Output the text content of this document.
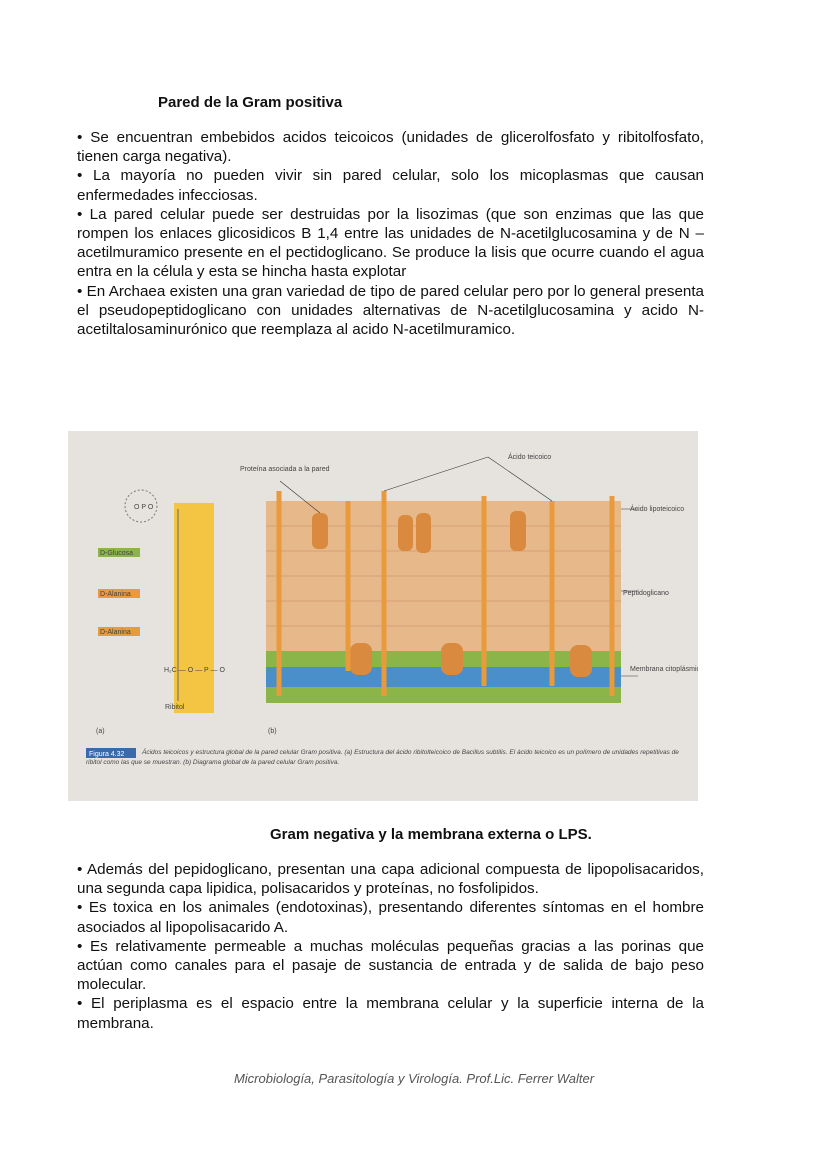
Pared de la Gram positiva

• Se encuentran embebidos acidos teicoicos (unidades de glicerolfosfato y ribitolfosfato, tienen carga negativa).

• La mayoría no pueden vivir sin pared celular, solo los micoplasmas que causan enfermedades infecciosas.

• La pared celular puede ser destruidas por la lisozimas (que son enzimas que las que rompen los enlaces glicosidicos B 1,4 entre las unidades de N-acetilglucosamina y de N –acetilmuramico presente en el pectidoglicano. Se produce la lisis que ocurre cuando el agua entra en la célula y esta se hincha hasta explotar

• En Archaea existen una gran variedad de tipo de pared celular pero por lo general presenta el pseudopeptidoglicano con unidades alternativas de N-acetilglucosamina y acido N- acetiltalosaminurónico que reemplaza al acido N-acetilmuramico.

O P O
D-Glucosa
D-Alanina
D-Alanina
H₂C — O — P — O
Ribitol
(a)
Proteína asociada a la pared
Ácido teicoico
Ácido lipoteicoico
Peptidoglicano
Membrana citoplásmica
(b)
Figura 4.32	Ácidos teicoicos y estructura global de la pared celular Gram positiva. (a) Estructura del ácido ribitolteicoico de Bacillus subtilis. El ácido teicoico es un polímero de unidades repetitivas de ribitol como las que se muestran. (b) Diagrama global de la pared celular Gram positiva.
Gram negativa y la membrana externa o LPS.

• Además del pepidoglicano, presentan una capa adicional compuesta de lipopolisacaridos, una segunda capa lipidica, polisacaridos y proteínas, no fosfolipidos.

• Es toxica en los animales (endotoxinas), presentando diferentes síntomas en el hombre asociados al lipopolisacarido A.

• Es relativamente permeable a muchas moléculas pequeñas gracias a las porinas que actúan como canales para el pasaje de sustancia de entrada y de salida de bajo peso molecular.

• El periplasma es el espacio entre la membrana celular y la superficie interna de la membrana.

Microbiología, Parasitología y Virología. Prof.Lic. Ferrer Walter
